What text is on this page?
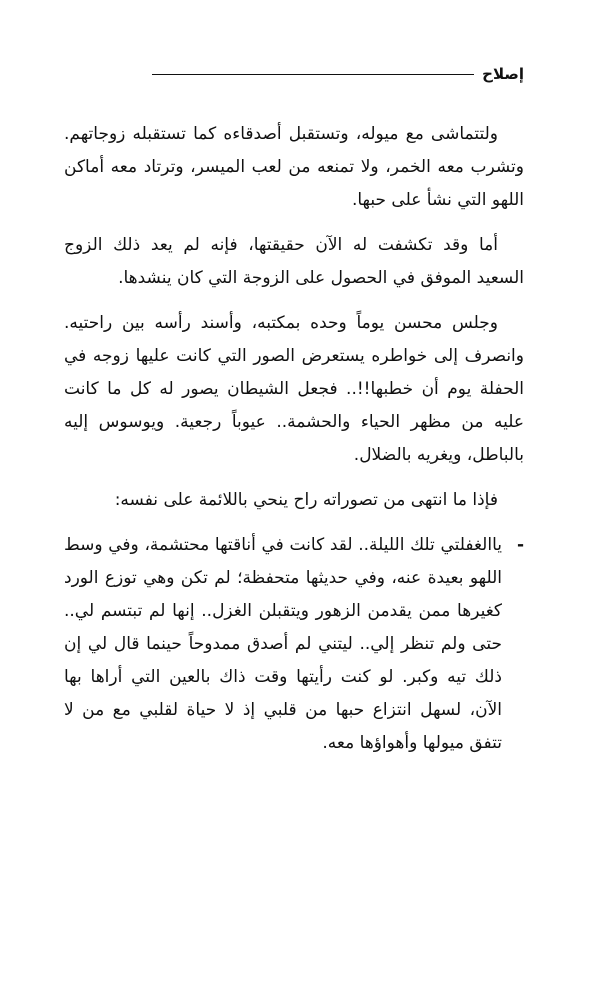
إصلاح

ولتتماشى مع ميوله، وتستقبل أصدقاءه كما تستقبله زوجاتهم. وتشرب معه الخمر، ولا تمنعه من لعب الميسر، وترتاد معه أماكن اللهو التي نشأ على حبها.

أما وقد تكشفت له الآن حقيقتها، فإنه لم يعد ذلك الزوج السعيد الموفق في الحصول على الزوجة التي كان ينشدها.

وجلس محسن يوماً وحده بمكتبه، وأسند رأسه بين راحتيه. وانصرف إلى خواطره يستعرض الصور التي كانت عليها زوجه في الحفلة يوم أن خطبها!!.. فجعل الشيطان يصور له كل ما كانت عليه من مظهر الحياء والحشمة.. عيوباً رجعية. ويوسوس إليه بالباطل، ويغريه بالضلال.

فإذا ما انتهى من تصوراته راح ينحي باللائمة على نفسه:

-
ياالغفلتي تلك الليلة.. لقد كانت في أناقتها محتشمة، وفي وسط اللهو بعيدة عنه، وفي حديثها متحفظة؛ لم تكن وهي توزع الورد كغيرها ممن يقدمن الزهور ويتقبلن الغزل.. إنها لم تبتسم لي.. حتى ولم تنظر إلي.. ليتني لم أصدق ممدوحاً حينما قال لي إن ذلك تيه وكبر. لو كنت رأيتها وقت ذاك بالعين التي أراها بها الآن، لسهل انتزاع حبها من قلبي إذ لا حياة لقلبي مع من لا تتفق ميولها وأهواؤها معه.
